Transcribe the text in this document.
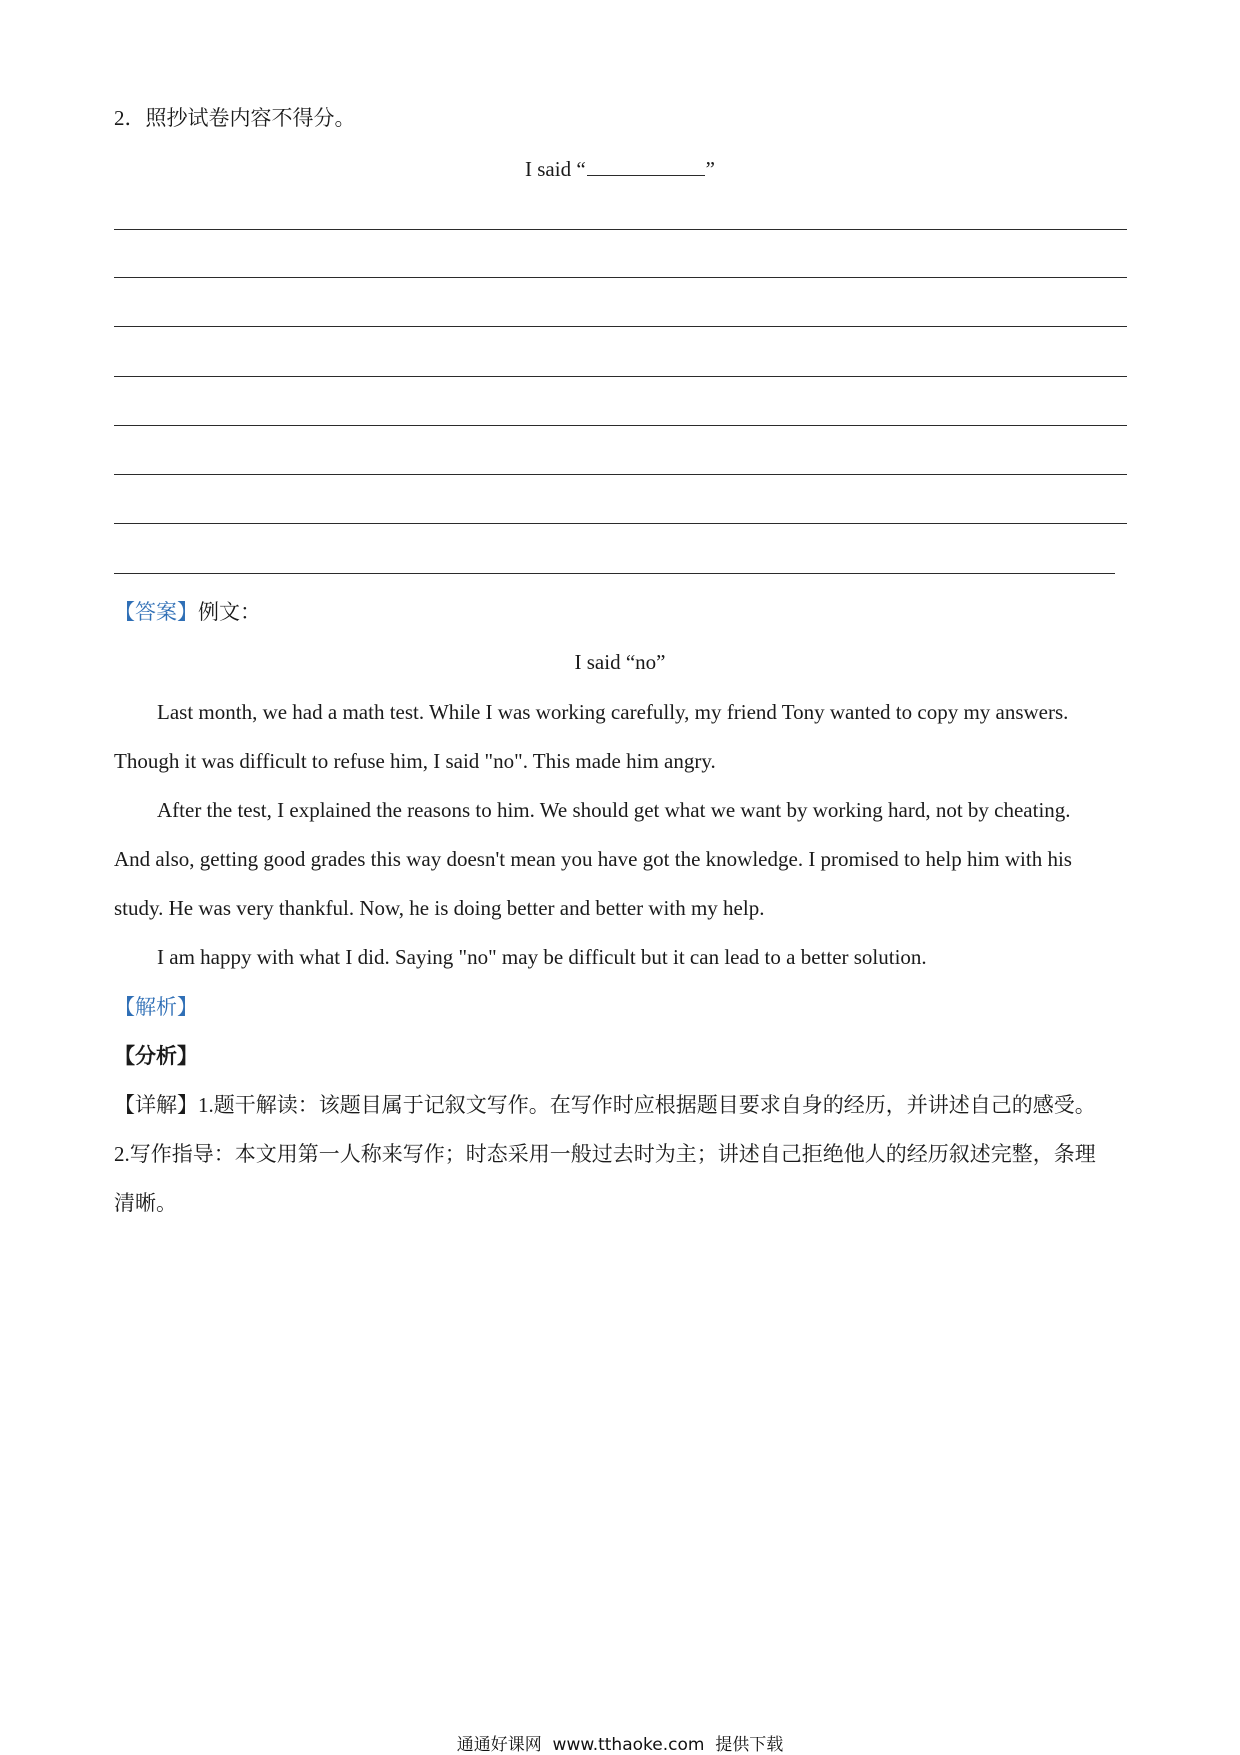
2．照抄试卷内容不得分。
I said “	”
【答案】例文：
I said “no”
Last month, we had a math test. While I was working carefully, my friend Tony wanted to copy my answers.
Though it was difficult to refuse him, I said "no". This made him angry.
After the test, I explained the reasons to him. We should get what we want by working hard, not by cheating.
And also, getting good grades this way doesn't mean you have got the knowledge. I promised to help him with his
study. He was very thankful. Now, he is doing better and better with my help.
I am happy with what I did. Saying "no" may be difficult but it can lead to a better solution.
【解析】
【分析】
【详解】1.题干解读：该题目属于记叙文写作。在写作时应根据题目要求自身的经历，并讲述自己的感受。
2.写作指导：本文用第一人称来写作；时态采用一般过去时为主；讲述自己拒绝他人的经历叙述完整，条理
清晰。
通通好课网 www.tthaoke.com 提供下载
